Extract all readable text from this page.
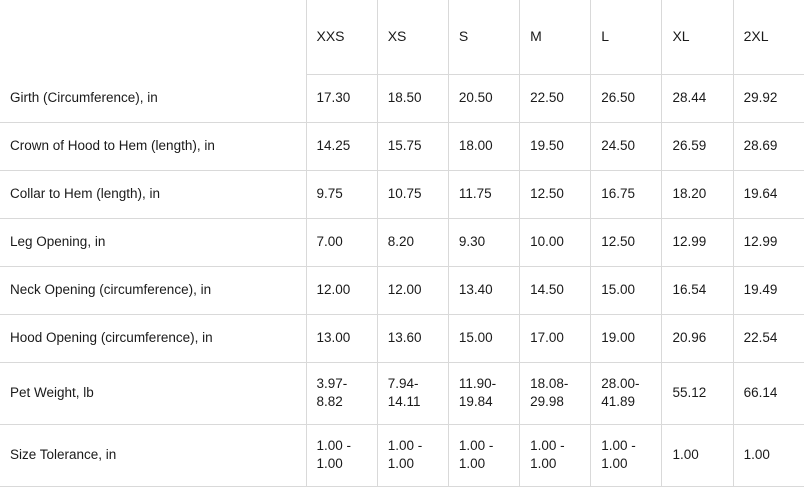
	XXS	XS	S	M	L	XL	2XL
Girth (Circumference), in	17.30	18.50	20.50	22.50	26.50	28.44	29.92
Crown of Hood to Hem (length), in	14.25	15.75	18.00	19.50	24.50	26.59	28.69
Collar to Hem (length), in	9.75	10.75	11.75	12.50	16.75	18.20	19.64
Leg Opening, in	7.00	8.20	9.30	10.00	12.50	12.99	12.99
Neck Opening (circumference), in	12.00	12.00	13.40	14.50	15.00	16.54	19.49
Hood Opening (circumference), in	13.00	13.60	15.00	17.00	19.00	20.96	22.54
Pet Weight, lb	3.97-8.82	7.94-14.11	11.90-19.84	18.08-29.98	28.00-41.89	55.12	66.14
Size Tolerance, in	1.00 - 1.00	1.00 - 1.00	1.00 - 1.00	1.00 - 1.00	1.00 - 1.00	1.00	1.00
